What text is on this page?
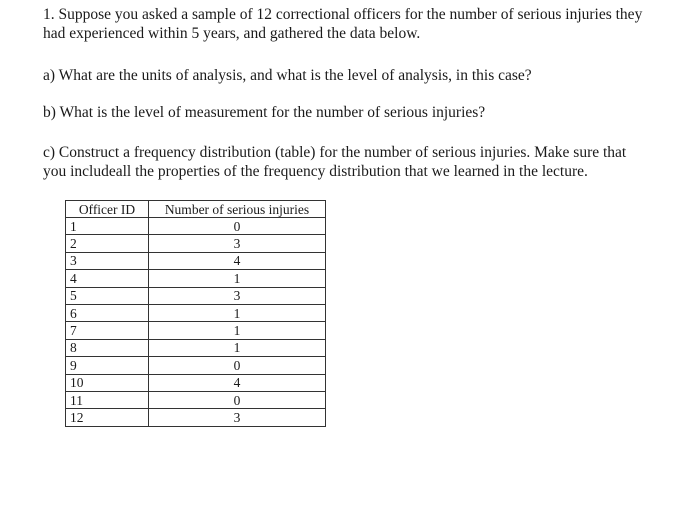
1. Suppose you asked a sample of 12 correctional officers for the number of serious injuries they
had experienced within 5 years, and gathered the data below.
a) What are the units of analysis, and what is the level of analysis, in this case?
b) What is the level of measurement for the number of serious injuries?
c) Construct a frequency distribution (table) for the number of serious injuries. Make sure that
you includeall the properties of the frequency distribution that we learned in the lecture.
Officer ID	Number of serious injuries
1	0
2	3
3	4
4	1
5	3
6	1
7	1
8	1
9	0
10	4
11	0
12	3
